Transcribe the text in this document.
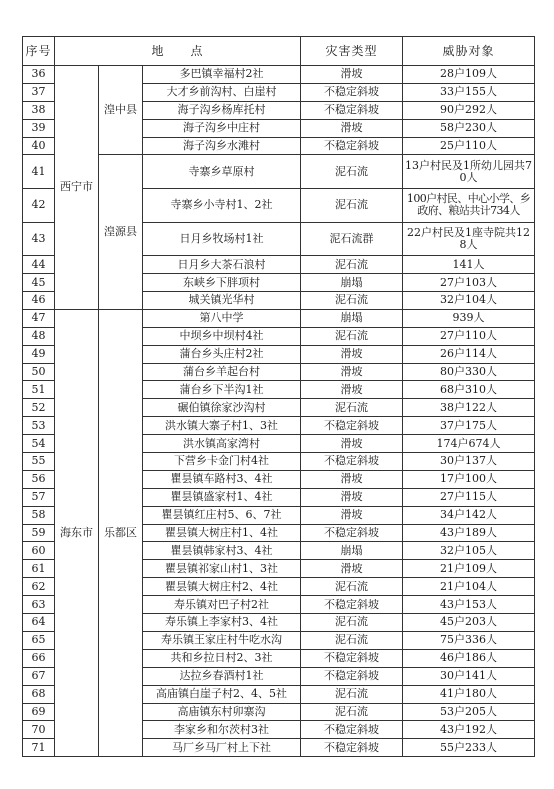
序号	地　　点			灾害类型	威胁对象
36	西宁市	湟中县	多巴镇幸福村2社	滑坡	28户109人
37			大才乡前沟村、白崖村	不稳定斜坡	33户155人
38			海子沟乡杨库托村	不稳定斜坡	90户292人
39			海子沟乡中庄村	滑坡	58户230人
40			海子沟乡水滩村	不稳定斜坡	25户110人
41		湟源县	寺寨乡草原村	泥石流	13户村民及1所幼儿园共70人
42			寺寨乡小寺村1、2社	泥石流	100户村民、中心小学、乡政府、粮站共计734人
43			日月乡牧场村1社	泥石流群	22户村民及1座寺院共128人
44			日月乡大茶石浪村	泥石流	141人
45			东峡乡下胖项村	崩塌	27户103人
46			城关镇光华村	泥石流	32户104人
47	海东市	乐都区	第八中学	崩塌	939人
48			中坝乡中坝村4社	泥石流	27户110人
49			蒲台乡头庄村2社	滑坡	26户114人
50			蒲台乡羊起台村	滑坡	80户330人
51			蒲台乡下半沟1社	滑坡	68户310人
52			碾伯镇徐家沙沟村	泥石流	38户122人
53			洪水镇大寨子村1、3社	不稳定斜坡	37户175人
54			洪水镇高家湾村	滑坡	174户674人
55			下营乡卡金门村4社	不稳定斜坡	30户137人
56			瞿昙镇车路村3、4社	滑坡	17户100人
57			瞿昙镇盛家村1、4社	滑坡	27户115人
58			瞿昙镇红庄村5、6、7社	滑坡	34户142人
59			瞿昙镇大树庄村1、4社	不稳定斜坡	43户189人
60			瞿昙镇韩家村3、4社	崩塌	32户105人
61			瞿昙镇祁家山村1、3社	滑坡	21户109人
62			瞿昙镇大树庄村2、4社	泥石流	21户104人
63			寿乐镇对巴子村2社	不稳定斜坡	43户153人
64			寿乐镇上李家村3、4社	泥石流	45户203人
65			寿乐镇王家庄村牛吃水沟	泥石流	75户336人
66			共和乡拉日村2、3社	不稳定斜坡	46户186人
67			达拉乡春酒村1社	不稳定斜坡	30户141人
68			高庙镇白崖子村2、4、5社	泥石流	41户180人
69			高庙镇东村卯寨沟	泥石流	53户205人
70			李家乡和尔茨村3社	不稳定斜坡	43户192人
71			马厂乡马厂村上下社	不稳定斜坡	55户233人
